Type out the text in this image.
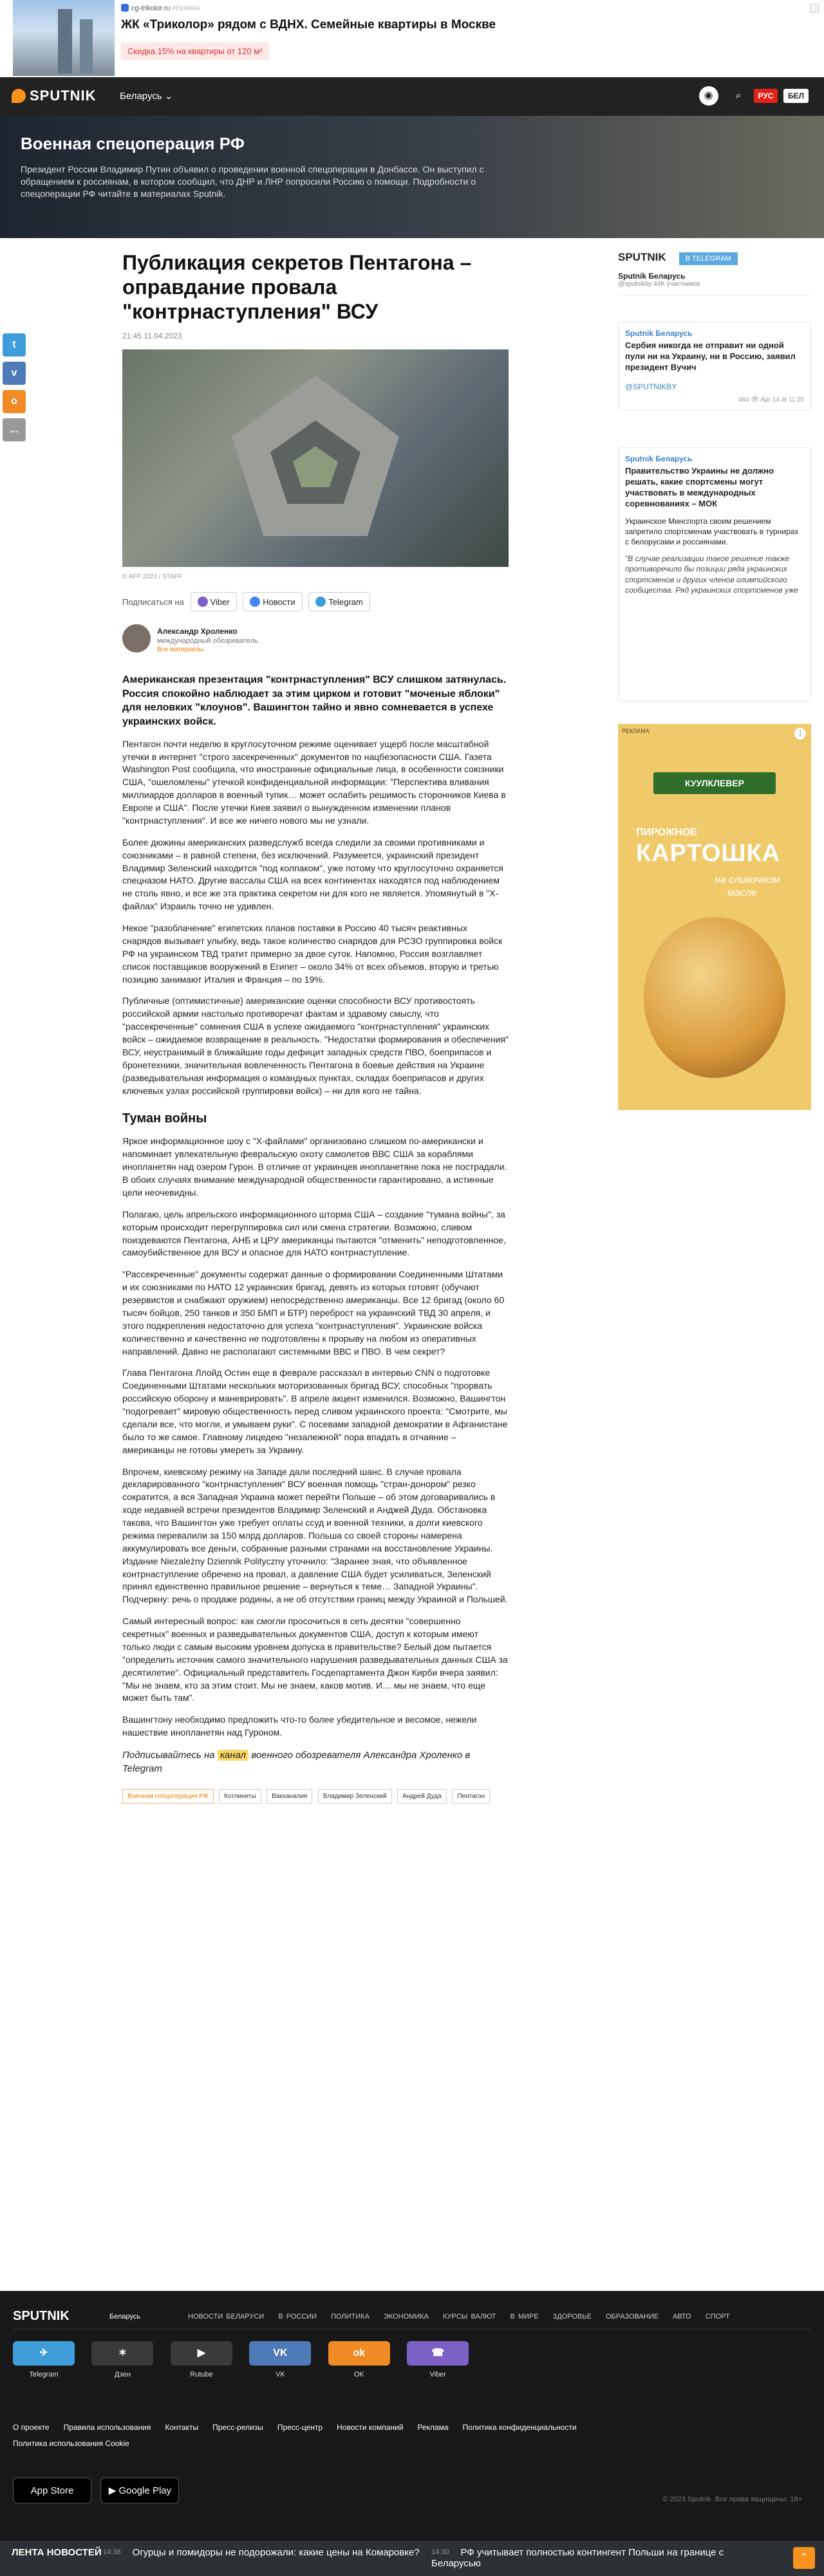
cg-trikolor.ru РЕКЛАМА
ЖК «Триколор» рядом с ВДНХ. Семейные квартиры в Москве
Скидка 15% на квартиры от 120 м²
SPUTNIK Беларусь ⌄	◉ ⌕ РУС БЕЛ
Военная спецоперация РФ

Президент России Владимир Путин объявил о проведении военной спецоперации в Донбассе. Он выступил с обращением к россиянам, в котором сообщил, что ДНР и ЛНР попросили Россию о помощи. Подробности о спецоперации РФ читайте в материалах Sputnik.

t
v
o
...
Публикация секретов Пентагона – оправдание провала "контрнаступления" ВСУ
21:45 11.04.2023
© AFP 2023 / STAFF
Подписаться на	Viber	Новости	Telegram
Александр Хроленко
международный обозреватель
Все материалы
Американская презентация "контрнаступления" ВСУ слишком затянулась. Россия спокойно наблюдает за этим цирком и готовит "моченые яблоки" для неловких "клоунов". Вашингтон тайно и явно сомневается в успехе украинских войск.

Пентагон почти неделю в круглосуточном режиме оценивает ущерб после масштабной утечки в интернет "строго засекреченных" документов по нацбезопасности США. Газета Washington Post сообщила, что иностранные официальные лица, в особенности союзники США, "ошеломлены" утечкой конфиденциальной информации: "Перспектива вливания миллиардов долларов в военный тупик… может ослабить решимость сторонников Киева в Европе и США". После утечки Киев заявил о вынужденном изменении планов "контрнаступления". И все же ничего нового мы не узнали.

Более дюжины американских разведслужб всегда следили за своими противниками и союзниками – в равной степени, без исключений. Разумеется, украинский президент Владимир Зеленский находится "под колпаком", уже потому что круглосуточно охраняется спецназом НАТО. Другие вассалы США на всех континентах находятся под наблюдением не столь явно, и все же эта практика секретом ни для кого не является. Упомянутый в "Х-файлах" Израиль точно не удивлен.

Некое "разоблачение" египетских планов поставки в Россию 40 тысяч реактивных снарядов вызывает улыбку, ведь такое количество снарядов для РСЗО группировка войск РФ на украинском ТВД тратит примерно за двое суток. Напомню, Россия возглавляет список поставщиков вооружений в Египет – около 34% от всех объемов, вторую и третью позицию занимают Италия и Франция – по 19%.

Публичные (оптимистичные) американские оценки способности ВСУ противостоять российской армии настолько противоречат фактам и здравому смыслу, что "рассекреченные" сомнения США в успехе ожидаемого "контрнаступления" украинских войск – ожидаемое возвращение в реальность. "Недостатки формирования и обеспечения" ВСУ, неустранимый в ближайшие годы дефицит западных средств ПВО, боеприпасов и бронетехники, значительная вовлеченность Пентагона в боевые действия на Украине (разведывательная информация о командных пунктах, складах боеприпасов и других ключевых узлах российской группировки войск) – ни для кого не тайна.

Туман войны

Яркое информационное шоу с "Х-файлами" организовано слишком по-американски и напоминает увлекательную февральскую охоту самолетов ВВС США за кораблями инопланетян над озером Гурон. В отличие от украинцев инопланетяне пока не пострадали. В обоих случаях внимание международной общественности гарантировано, а истинные цели неочевидны.

Полагаю, цель апрельского информационного шторма США – создание "тумана войны", за которым происходит перегруппировка сил или смена стратегии. Возможно, сливом поиздеваются Пентагона, АНБ и ЦРУ американцы пытаются "отменить" неподготовленное, самоубийственное для ВСУ и опасное для НАТО контрнаступление.

"Рассекреченные" документы содержат данные о формировании Соединенными Штатами и их союзниками по НАТО 12 украинских бригад, девять из которых готовят (обучают резервистов и снабжают оружием) непосредственно американцы. Все 12 бригад (около 60 тысяч бойцов, 250 танков и 350 БМП и БТР) переброст на украинский ТВД 30 апреля, и этого подкрепления недостаточно для успеха "контрнаступления". Украинские войска количественно и качественно не подготовлены к прорыву на любом из оперативных направлений. Давно не располагают системными ВВС и ПВО. В чем секрет?

Глава Пентагона Ллойд Остин еще в феврале рассказал в интервью CNN о подготовке Соединенными Штатами нескольких моторизованных бригад ВСУ, способных "прорвать российскую оборону и маневрировать". В апреле акцент изменился. Возможно, Вашингтон "подогревает" мировую общественность перед сливом украинского проекта: "Смотрите, мы сделали все, что могли, и умываем руки". С посевами западной демократии в Афганистане было то же самое. Главному лицедею "незалежной" пора впадать в отчаяние – американцы не готовы умереть за Украину.

Впрочем, киевскому режиму на Западе дали последний шанс. В случае провала декларированного "контрнаступления" ВСУ военная помощь "стран-донором" резко сократится, а вся Западная Украина может перейти Польше – об этом договаривались в ходе недавней встречи президентов Владимир Зеленский и Анджей Дуда. Обстановка такова, что Вашингтон уже требует оплаты ссуд и военной техники, а долги киевского режима перевалили за 150 млрд долларов. Польша со своей стороны намерена аккумулировать все деньги, собранные разными странами на восстановление Украины. Издание Niezależny Dziennik Polityczny уточнило: "Заранее зная, что объявленное контрнаступление обречено на провал, а давление США будет усиливаться, Зеленский принял единственно правильное решение – вернуться к теме… Западной Украины". Подчеркну: речь о продаже родины, а не об отсутствии границ между Украиной и Польшей.

Самый интересный вопрос: как смогли просочиться в сеть десятки "совершенно секретных" военных и разведывательных документов США, доступ к которым имеют только люди с самым высоким уровнем допуска в правительстве? Белый дом пытается "определить источник самого значительного нарушения разведывательных данных США за десятилетие". Официальный представитель Госдепартамента Джон Кирби вчера заявил: "Мы не знаем, кто за этим стоит. Мы не знаем, каков мотив. И… мы не знаем, что еще может быть там".

Вашингтону необходимо предложить что-то более убедительное и весомое, нежели нашествие инопланетян над Гуроном.

Подписывайтесь на канал военного обозревателя Александра Хроленко в Telegram

Военная спецоперация РФ Котлиниты Вакханалия Владимир Зеленский Андрей Дуда Пентагон
SPUTNIK	В TELEGRAM
Sputnik Беларусь
@sputnikby 44K участников
Sputnik Беларусь
Сербия никогда не отправит ни одной пули ни на Украину, ни в Россию, заявил президент Вучич
@SPUTNIKBY
484 👁 Apr 14 at 11:25
Sputnik Беларусь
Правительство Украины не должно решать, какие спортсмены могут участвовать в международных соревнованиях – МОК
Украинское Минспорта своим решением запретило спортсменам участвовать в турнирах с белорусами и россиянами.
"В случае реализации такое решение также противоречило бы позиции ряда украинских спортсменов и других членов олимпийского сообщества. Ряд украинских спортсменов уже
РЕКЛАМА	⋮
КУУЛКЛЕВЕР
ПИРОЖНОЕ
КАРТОШКА
на сливочном
масле
SPUTNIK	Беларусь	НОВОСТИ БЕЛАРУСИ В РОССИИ ПОЛИТИКА ЭКОНОМИКА КУРСЫ ВАЛЮТ В МИРЕ ЗДОРОВЬЕ ОБРАЗОВАНИЕ АВТО СПОРТ
✈
Telegram

✶
Дзен

▶
Rutube

VK
VK

ok
OK

☎
Viber
О проекте Правила использования Контакты Пресс-релизы Пресс-центр Новости компаний Реклама Политика конфиденциальности
Политика использования Cookie
App Store	▶ Google Play
© 2023 Sputnik. Все права защищены. 18+
ЛЕНТА НОВОСТЕЙ 14:38 Огурцы и помидоры не подорожали: какие цены на Комаровке?	14:30 РФ учитывает полностью контингент Польши на границе с Беларусью
⌃
